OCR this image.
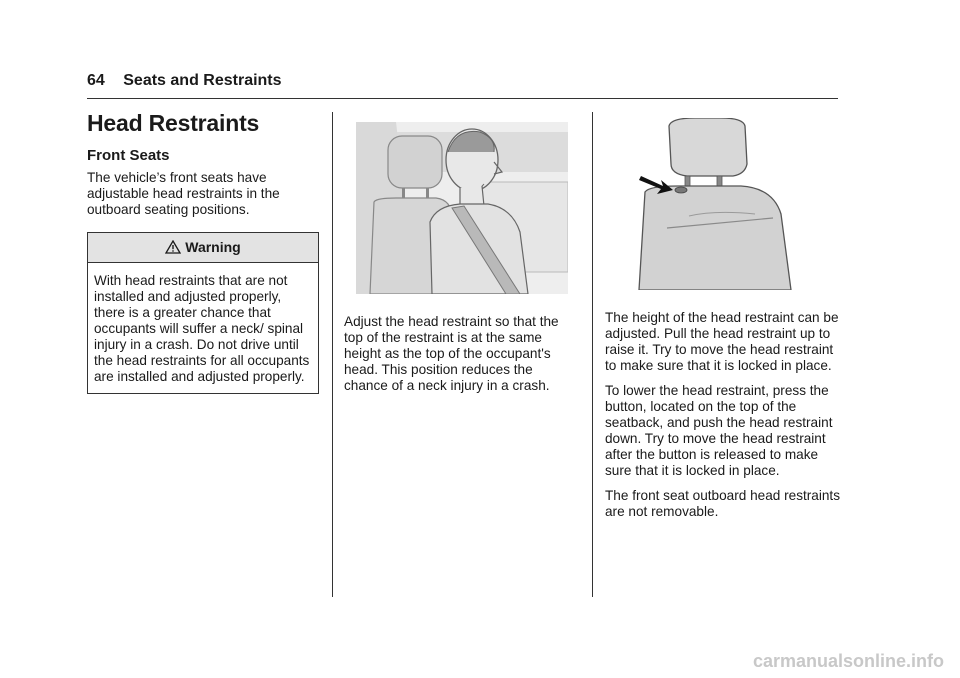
64 Seats and Restraints
Head Restraints
Front Seats

The vehicle’s front seats have adjustable head restraints in the outboard seating positions.

Warning
With head restraints that are not installed and adjusted properly, there is a greater chance that occupants will suffer a neck/ spinal injury in a crash. Do not drive until the head restraints for all occupants are installed and adjusted properly.

Adjust the head restraint so that the top of the restraint is at the same height as the top of the occupant's head. This position reduces the chance of a neck injury in a crash.

The height of the head restraint can be adjusted. Pull the head restraint up to raise it. Try to move the head restraint to make sure that it is locked in place.

To lower the head restraint, press the button, located on the top of the seatback, and push the head restraint down. Try to move the head restraint after the button is released to make sure that it is locked in place.

The front seat outboard head restraints are not removable.

carmanualsonline.info
